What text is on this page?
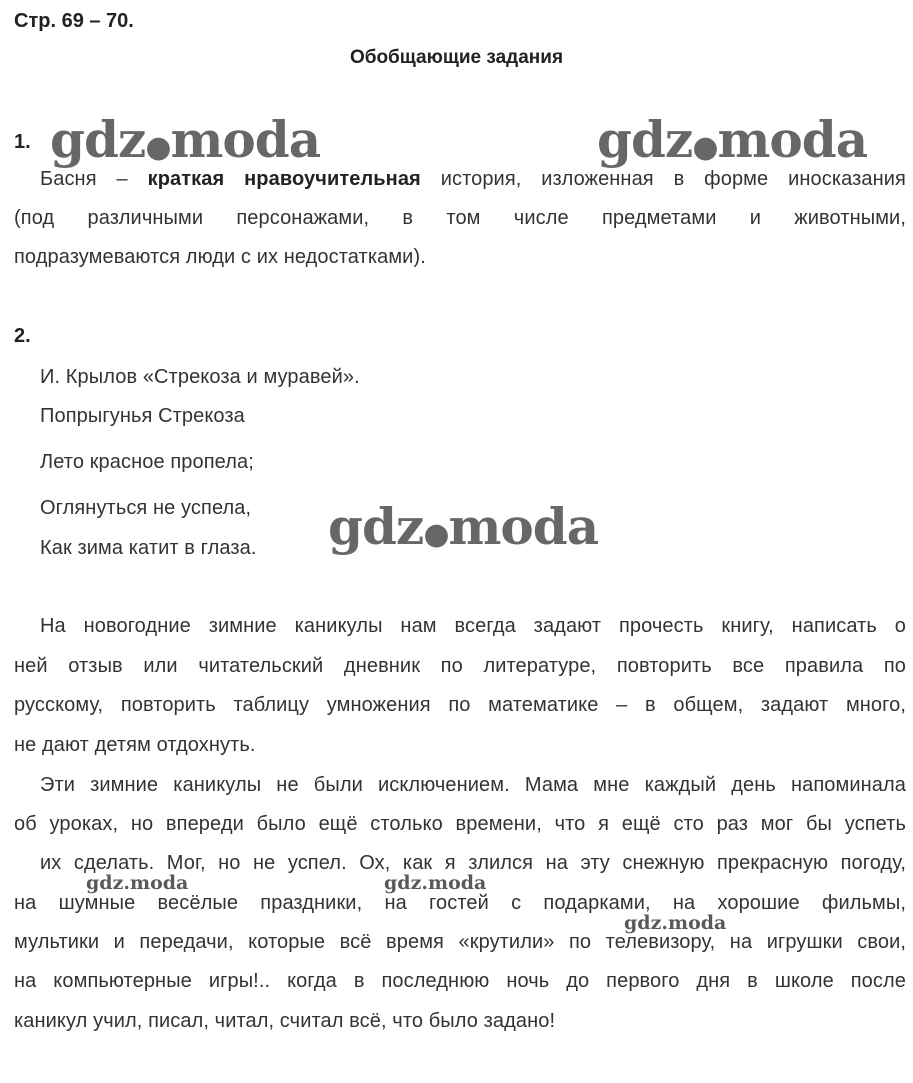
Стр. 69 – 70.
Обобщающие задания
1.
Басня – краткая нравоучительная история, изложенная в форме иносказания
(под различными персонажами, в том числе предметами и животными,
подразумеваются люди с их недостатками).
2.
И. Крылов «Стрекоза и муравей».
Попрыгунья Стрекоза
Лето красное пропела;
Оглянуться не успела,
Как зима катит в глаза.
На новогодние зимние каникулы нам всегда задают прочесть книгу, написать о
ней отзыв или читательский дневник по литературе, повторить все правила по
русскому, повторить таблицу умножения по математике – в общем, задают много,
не дают детям отдохнуть.
Эти зимние каникулы не были исключением. Мама мне каждый день напоминала
об уроках, но впереди было ещё столько времени, что я ещё сто раз мог бы успеть
их сделать. Мог, но не успел. Ох, как я злился на эту снежную прекрасную погоду,
на шумные весёлые праздники, на гостей с подарками, на хорошие фильмы,
мультики и передачи, которые всё время «крутили» по телевизору, на игрушки свои,
на компьютерные игры!.. когда в последнюю ночь до первого дня в школе после
каникул учил, писал, читал, считал всё, что было задано!
gdz●moda	gdz●moda
gdz●moda
gdz.moda	gdz.moda
gdz.moda
